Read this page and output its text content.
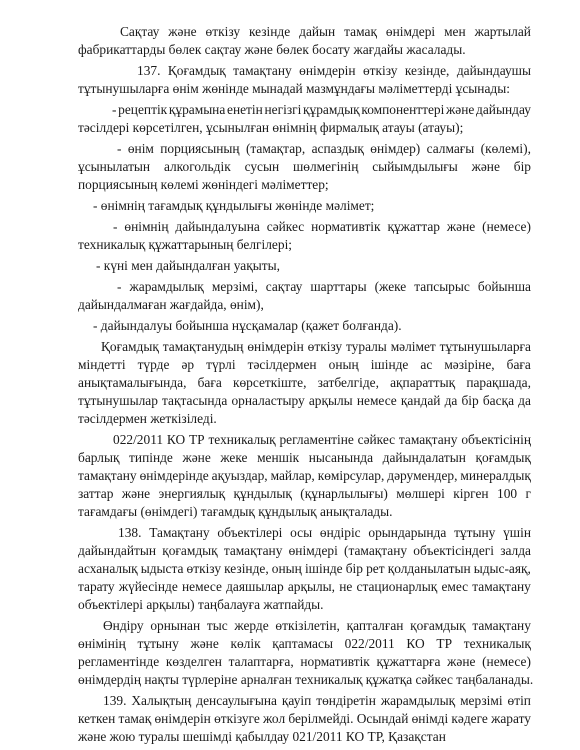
Сақтау және өткізу кезінде дайын тамақ өнімдері мен жартылай
фабрикаттарды бөлек сақтау және бөлек босату жағдайы жасалады.
137. Қоғамдық тамақтану өнімдерін өткізу кезінде, дайындаушы
тұтынушыларға өнім жөнінде мынадай мазмұндағы мәліметтерді ұсынады:
- рецептік құрамына енетін негізгі құрамдық компоненттері және дайындау
тәсілдері көрсетілген, ұсынылған өнімнің фирмалық атауы (атауы);
- өнім порциясының (тамақтар, аспаздық өнімдер) салмағы (көлемі),
ұсынылатын алкогольдік сусын шөлмегінің сыйымдылығы және бір
порциясының көлемі жөніндегі мәліметтер;
- өнімнің тағамдық құндылығы жөнінде мәлімет;
- өнімнің дайындалуына сәйкес нормативтік құжаттар және (немесе)
техникалық құжаттарының белгілері;
- күні мен дайындалған уақыты,
- жарамдылық мерзімі, сақтау шарттары (жеке тапсырыс бойынша
дайындалмаған жағдайда, өнім),
- дайындалуы бойынша нұсқамалар (қажет болғанда).
Қоғамдық тамақтанудың өнімдерін өткізу туралы мәлімет тұтынушыларға
міндетті түрде әр түрлі тәсілдермен оның ішінде ас мәзірінe, бағa
анықтамалығында, баға көрсеткіште, затбелгіде, ақпараттық парақшада,
тұтынушылар тақтасында орналастыру арқылы немесе қандай да бір басқа да
тәсілдермен жеткізіледі.
022/2011 КО ТР техникалық регламентіне сәйкес тамақтану объектісінің
барлық типінде және жеке меншік нысанында дайындалатын қоғамдық
тамақтану өнімдерінде ақуыздар, майлар, көмірсулар, дәрумендер, минералдық
заттар және энергиялық құндылық (құнарлылығы) мөлшері кірген 100 г
тағамдағы (өнімдегі) тағамдық құндылық анықталады.
138. Тамақтану объектілері осы өндіріс орындарында тұтыну үшін
дайындайтын қоғамдық тамақтану өнімдері (тамақтану объектісіндегі залда
асханалық ыдыста өткізу кезінде, оның ішінде бір рет қолданылатын ыдыс-аяқ,
тарату жүйесінде немесе даяшылар арқылы, не стационарлық емес тамақтану
объектілері арқылы) таңбалауға жатпайды.
Өндіру орнынан тыс жерде өткізілетін, қапталған қоғамдық тамақтану
өнімінің тұтыну және көлік қаптамасы 022/2011 КО ТР техникалық
регламентінде көзделген талаптарға, нормативтік құжаттарға және (немесе)
өнімдердің нақты түрлеріне арналған техникалық құжатқа сәйкес таңбаланады.
139. Халықтың денсаулығына қауіп төндіретін жарамдылық мерзімі өтіп
кеткен тамақ өнімдерін өткізуге жол берілмейді. Осындай өнімді кәдеге жарату
және жою туралы шешімді қабылдау 021/2011 КО ТР, Қазақстан
